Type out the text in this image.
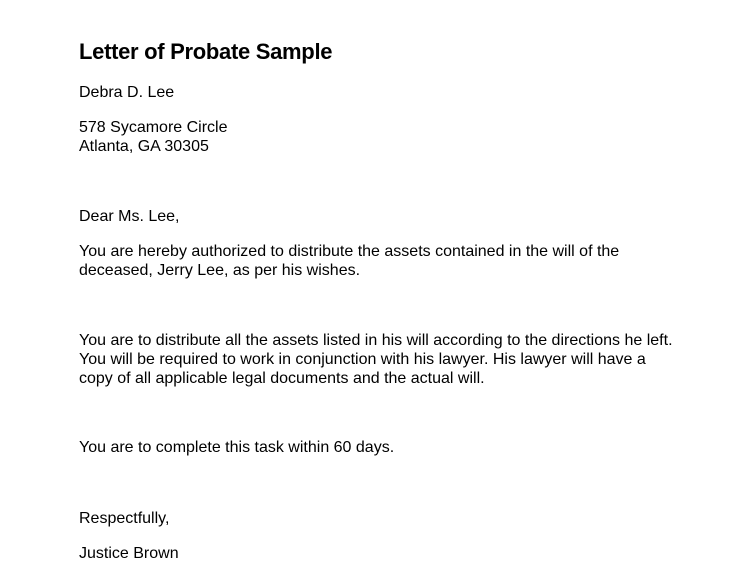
Letter of Probate Sample

Debra D. Lee

578 Sycamore Circle

Atlanta, GA 30305

Dear Ms. Lee,

You are hereby authorized to distribute the assets contained in the will of the deceased, Jerry Lee, as per his wishes.

You are to distribute all the assets listed in his will according to the directions he left. You will be required to work in conjunction with his lawyer. His lawyer will have a copy of all applicable legal documents and the actual will.

You are to complete this task within 60 days.

Respectfully,

Justice Brown
